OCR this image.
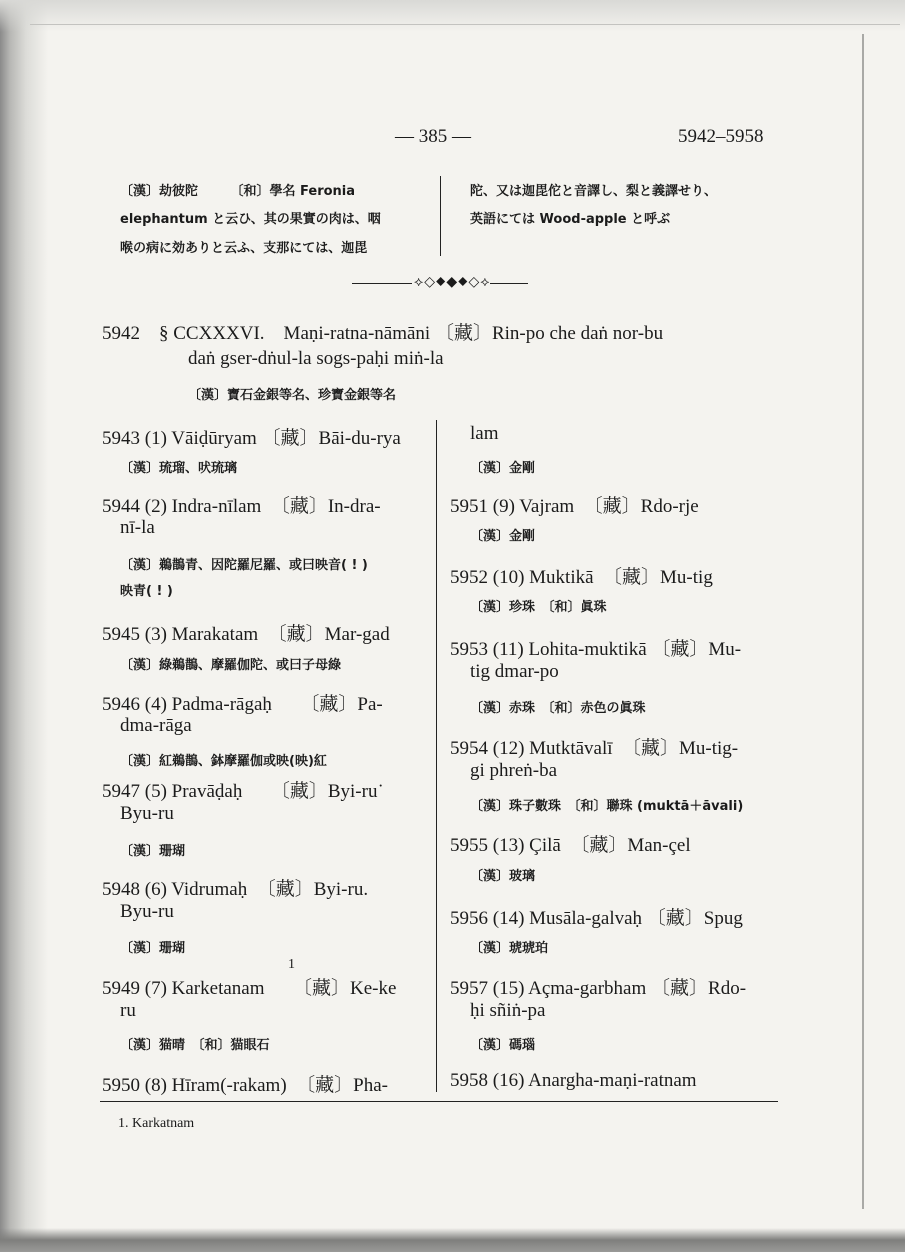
— 385 —	5942–5958
〔漢〕劫彼陀　　　〔和〕學名 Feronia
elephantum と云ひ、其の果實の肉は、咽
喉の病に効ありと云ふ、支那にては、迦毘
陀、又は迦毘佗と音譯し、梨と義譯せり、
英語にては Wood-apple と呼ぶ
⟡◇⬥◆⬥◇⟡
5942　§ CCXXXVI.　Maṇi-ratna-nāmāni 〔藏〕Rin-po che daṅ nor-bu
daṅ gser-dṅul-la sogs-paḥi miṅ-la
〔漢〕寶石金銀等名、珍寶金銀等名
5943 (1) Vāiḍūryam 〔藏〕Bāi-du-rya
〔漢〕琉瑠、吠琉璃
5944 (2) Indra-nīlam　〔藏〕In-dra-
nī-la
〔漢〕鵜鵲青、因陀羅尼羅、或曰映音( ! )
映青( ! )
5945 (3) Marakatam　〔藏〕Mar-gad
〔漢〕綠鵜鵲、摩羅伽陀、或曰子母綠
5946 (4) Padma-rāgaḥ　　〔藏〕Pa-
dma-rāga
〔漢〕紅鵜鵲、鉢摩羅伽或映(映)紅
5947 (5) Pravāḍaḥ　　〔藏〕Byi-ru˙
Byu-ru
〔漢〕珊瑚
5948 (6) Vidrumaḥ　〔藏〕Byi-ru.
Byu-ru
〔漢〕珊瑚
1
5949 (7) Karketanam　　〔藏〕Ke-ke
ru
〔漢〕猫晴　〔和〕猫眼石
5950 (8) Hīram(-rakam)　〔藏〕Pha-
lam
〔漢〕金剛
5951 (9) Vajram　〔藏〕Rdo-rje
〔漢〕金剛
5952 (10) Muktikā　〔藏〕Mu-tig
〔漢〕珍珠　〔和〕眞珠
5953 (11) Lohita-muktikā 〔藏〕Mu-
tig dmar-po
〔漢〕赤珠　〔和〕赤色の眞珠
5954 (12) Mutktāvalī　〔藏〕Mu-tig-
gi phreṅ-ba
〔漢〕珠子數珠　〔和〕聯珠 (muktā＋āvali)
5955 (13) Çilā　〔藏〕Man-çel
〔漢〕玻璃
5956 (14) Musāla-galvaḥ 〔藏〕Spug
〔漢〕琥琥珀
5957 (15) Açma-garbham 〔藏〕Rdo-
ḥi sñiṅ-pa
〔漢〕碼瑙
5958 (16) Anargha-maṇi-ratnam
1. Karkatnam
